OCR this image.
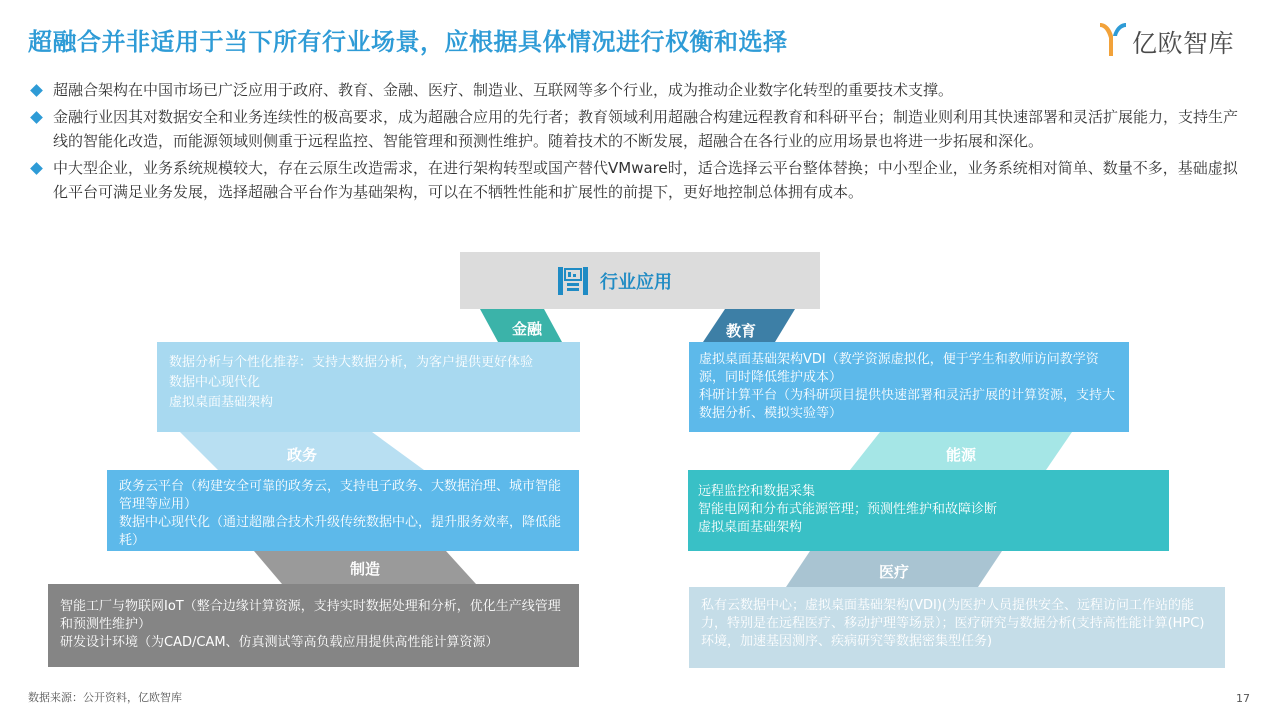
超融合并非适用于当下所有行业场景，应根据具体情况进行权衡和选择	亿欧智库
超融合架构在中国市场已广泛应用于政府、教育、金融、医疗、制造业、互联网等多个行业，成为推动企业数字化转型的重要技术支撑。
金融行业因其对数据安全和业务连续性的极高要求，成为超融合应用的先行者；教育领域利用超融合构建远程教育和科研平台；制造业则利用其快速部署和灵活扩展能力，支持生产线的智能化改造，而能源领域则侧重于远程监控、智能管理和预测性维护。随着技术的不断发展，超融合在各行业的应用场景也将进一步拓展和深化。
中大型企业，业务系统规模较大，存在云原生改造需求，在进行架构转型或国产替代VMware时，适合选择云平台整体替换；中小型企业，业务系统相对简单、数量不多，基础虚拟化平台可满足业务发展，选择超融合平台作为基础架构，可以在不牺牲性能和扩展性的前提下，更好地控制总体拥有成本。
行业应用
金融	教育
数据分析与个性化推荐：支持大数据分析，为客户提供更好体验
数据中心现代化
虚拟桌面基础架构
虚拟桌面基础架构VDI（教学资源虚拟化，便于学生和教师访问教学资源，同时降低维护成本）
科研计算平台（为科研项目提供快速部署和灵活扩展的计算资源，支持大数据分析、模拟实验等）
政务	能源
政务云平台（构建安全可靠的政务云，支持电子政务、大数据治理、城市智能管理等应用）
数据中心现代化（通过超融合技术升级传统数据中心，提升服务效率，降低能耗）
远程监控和数据采集
智能电网和分布式能源管理；预测性维护和故障诊断
虚拟桌面基础架构
制造	医疗
智能工厂与物联网IoT（整合边缘计算资源，支持实时数据处理和分析，优化生产线管理和预测性维护）
研发设计环境（为CAD/CAM、仿真测试等高负载应用提供高性能计算资源）
私有云数据中心；虚拟桌面基础架构(VDI)(为医护人员提供安全、远程访问工作站的能力，特别是在远程医疗、移动护理等场景）；医疗研究与数据分析(支持高性能计算(HPC)环境，加速基因测序、疾病研究等数据密集型任务)
数据来源：公开资料，亿欧智库	17
